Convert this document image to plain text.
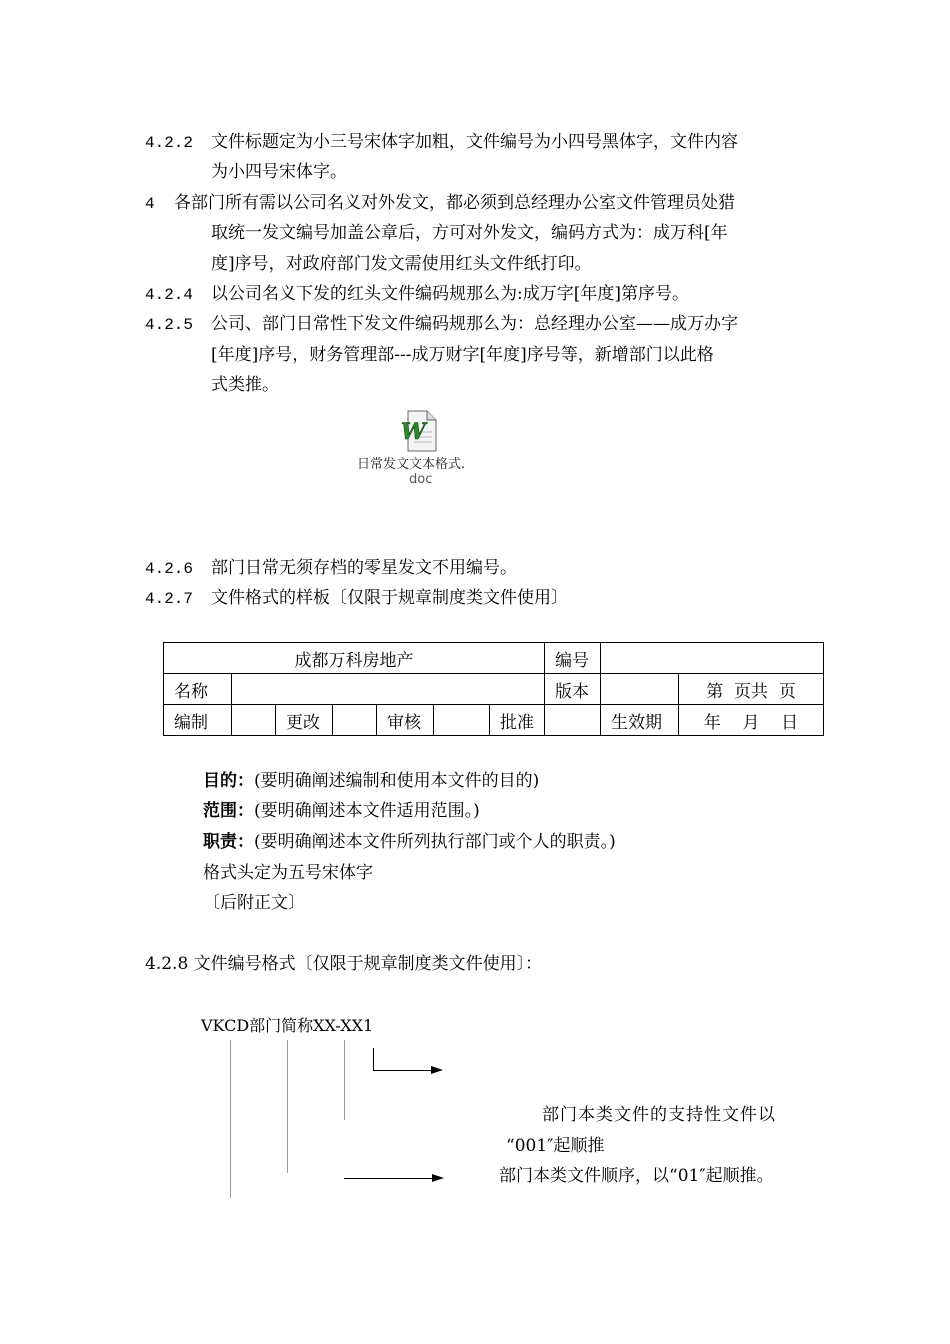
4.2.2 文件标题定为小三号宋体字加粗，文件编号为小四号黑体字，文件内容
为小四号宋体字。
4 各部门所有需以公司名义对外发文，都必须到总经理办公室文件管理员处猎
取统一发文编号加盖公章后，方可对外发文，编码方式为：成万科[年
度]序号，对政府部门发文需使用红头文件纸打印。
4.2.4 以公司名义下发的红头文件编码规那么为:成万字[年度]第序号。
4.2.5 公司、部门日常性下发文件编码规那么为：总经理办公室——成万办字
[年度]序号，财务管理部---成万财字[年度]序号等，新增部门以此格
式类推。
W
日常发文文本格式.
doc
4.2.6 部门日常无须存档的零星发文不用编号。
4.2.7 文件格式的样板〔仅限于规章制度类文件使用〕
成都万科房地产							编号		
名称							版本		第  页共  页
编制		更改		审核		批准		生效期	年    月    日
目的：(要明确阐述编制和使用本文件的目的)
范围：(要明确阐述本文件适用范围。)
职责：(要明确阐述本文件所列执行部门或个人的职责。)
格式头定为五号宋体字
〔后附正文〕
4.2.8 文件编号格式〔仅限于规章制度类文件使用〕：
VKCD部门简称XX-XX1
部门本类文件的支持性文件以
“001″起顺推
部门本类文件顺序，以“01″起顺推。
